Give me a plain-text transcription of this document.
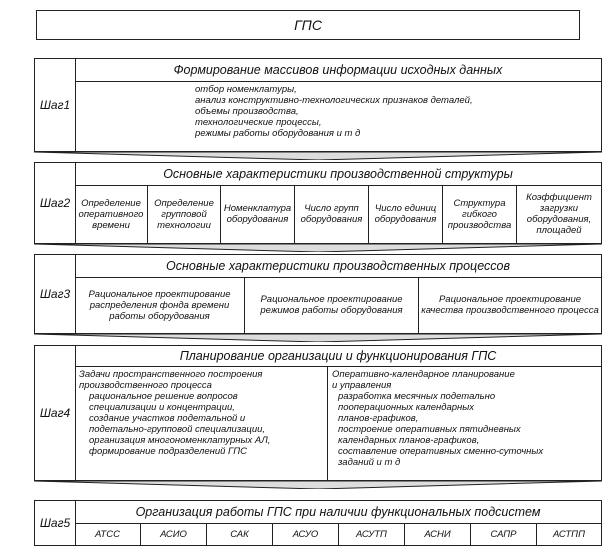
ГПС
Шаг1
Формирование массивов информации исходных данных
отбор номенклатуры,
анализ конструктивно-технологических признаков деталей,
объемы производства,
технологические процессы,
режимы работы оборудования и т д
Шаг2
Основные характеристики производственной структуры
Определение оперативного времени
Определение групповой технологии
Номенклатура оборудования
Число групп оборудования
Число единиц оборудования
Структура гибкого производства
Коэффициент загрузки оборудования, площадей
Шаг3
Основные характеристики производственных процессов
Рациональное проектирование распределения фонда времени работы оборудования
Рациональное проектирование режимов работы оборудования
Рациональное проектирование качества производственного процесса
Шаг4
Планирование организации и функционирования ГПС
Задачи пространственного построения
производственного процесса
рациональное решение вопросов
специализации и концентрации,
создание участков подетальной и
подетально-групповой специализации,
организация многономенклатурных АЛ,
формирование подразделений ГПС
Оперативно-календарное планирование
и управления
разработка месячных подетально
пооперационных календарных
планов-графиков,
построение оперативных пятидневных
календарных планов-графиков,
составление оперативных сменно-суточных
заданий и т д
Шаг5
Организация работы ГПС при наличии функциональных подсистем
АТСС	АСИО	САК	АСУО	АСУТП	АСНИ	САПР	АСТПП
